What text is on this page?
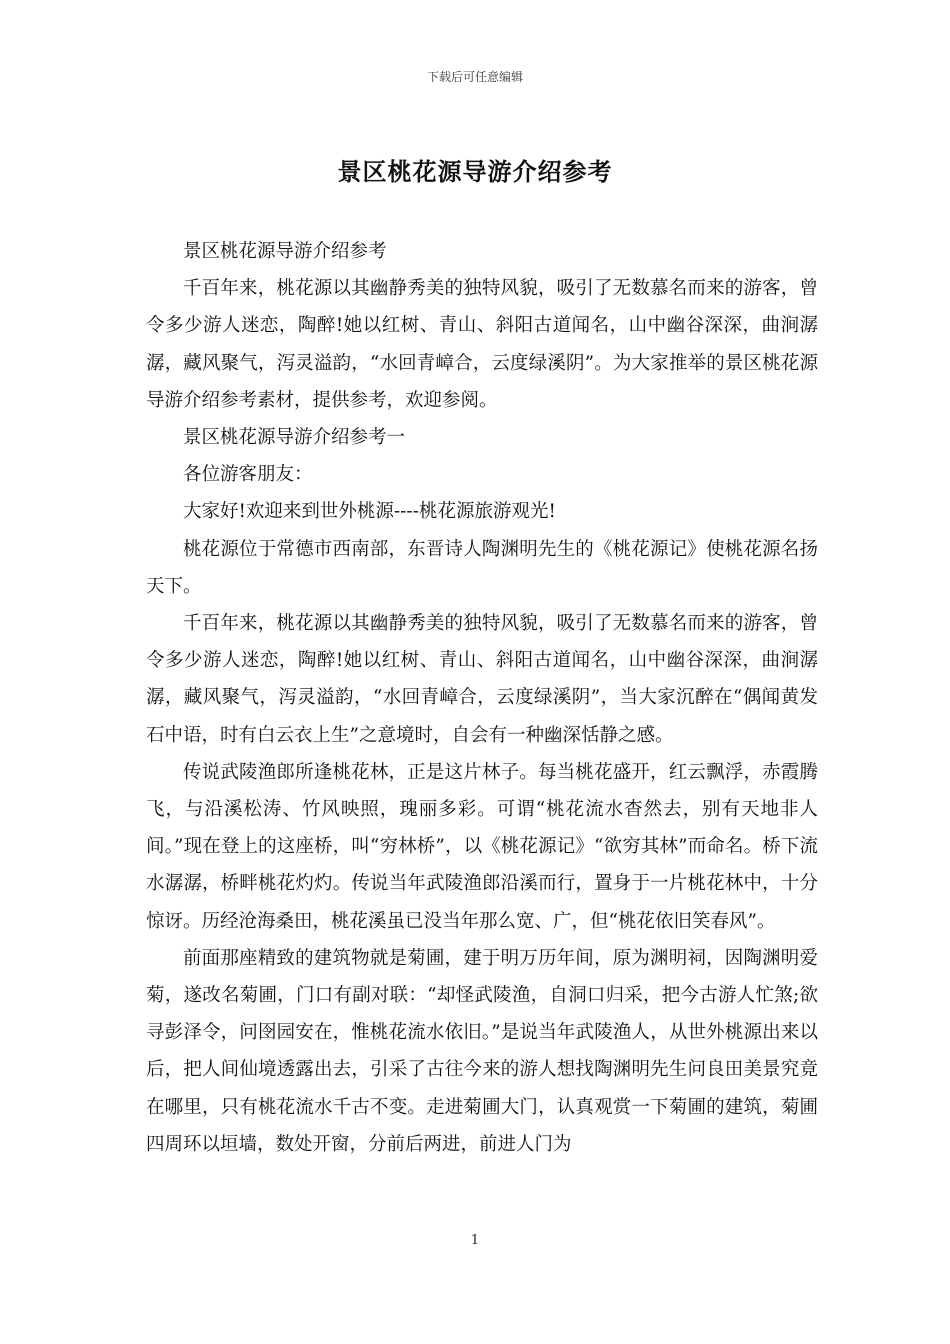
下载后可任意编辑
景区桃花源导游介绍参考

景区桃花源导游介绍参考

千百年来，桃花源以其幽静秀美的独特风貌，吸引了无数慕名而来的游客，曾令多少游人迷恋，陶醉!她以红树、青山、斜阳古道闻名，山中幽谷深深，曲涧潺潺，藏风聚气，泻灵溢韵，“水回青嶂合，云度绿溪阴”。为大家推举的景区桃花源导游介绍参考素材，提供参考，欢迎参阅。

景区桃花源导游介绍参考一

各位游客朋友：

大家好!欢迎来到世外桃源----桃花源旅游观光!

桃花源位于常德市西南部，东晋诗人陶渊明先生的《桃花源记》使桃花源名扬天下。

千百年来，桃花源以其幽静秀美的独特风貌，吸引了无数慕名而来的游客，曾令多少游人迷恋，陶醉!她以红树、青山、斜阳古道闻名，山中幽谷深深，曲涧潺潺，藏风聚气，泻灵溢韵，“水回青嶂合，云度绿溪阴”，当大家沉醉在“偶闻黄发石中语，时有白云衣上生”之意境时，自会有一种幽深恬静之感。

传说武陵渔郎所逢桃花林，正是这片林子。每当桃花盛开，红云飘浮，赤霞腾飞，与沿溪松涛、竹风映照，瑰丽多彩。可谓“桃花流水杳然去，别有天地非人间。”现在登上的这座桥，叫“穷林桥”，以《桃花源记》“欲穷其林”而命名。桥下流水潺潺，桥畔桃花灼灼。传说当年武陵渔郎沿溪而行，置身于一片桃花林中，十分惊讶。历经沧海桑田，桃花溪虽已没当年那么宽、广，但“桃花依旧笑春风”。

前面那座精致的建筑物就是菊圃，建于明万历年间，原为渊明祠，因陶渊明爱菊，遂改名菊圃，门口有副对联：“却怪武陵渔，自洞口归采，把今古游人忙煞;欲寻彭泽令，问囹园安在，惟桃花流水依旧。”是说当年武陵渔人，从世外桃源出来以后，把人间仙境透露出去，引采了古往今来的游人想找陶渊明先生问良田美景究竟在哪里，只有桃花流水千古不变。走进菊圃大门，认真观赏一下菊圃的建筑，菊圃四周环以垣墙，数处开窗，分前后两进，前进人门为

1
